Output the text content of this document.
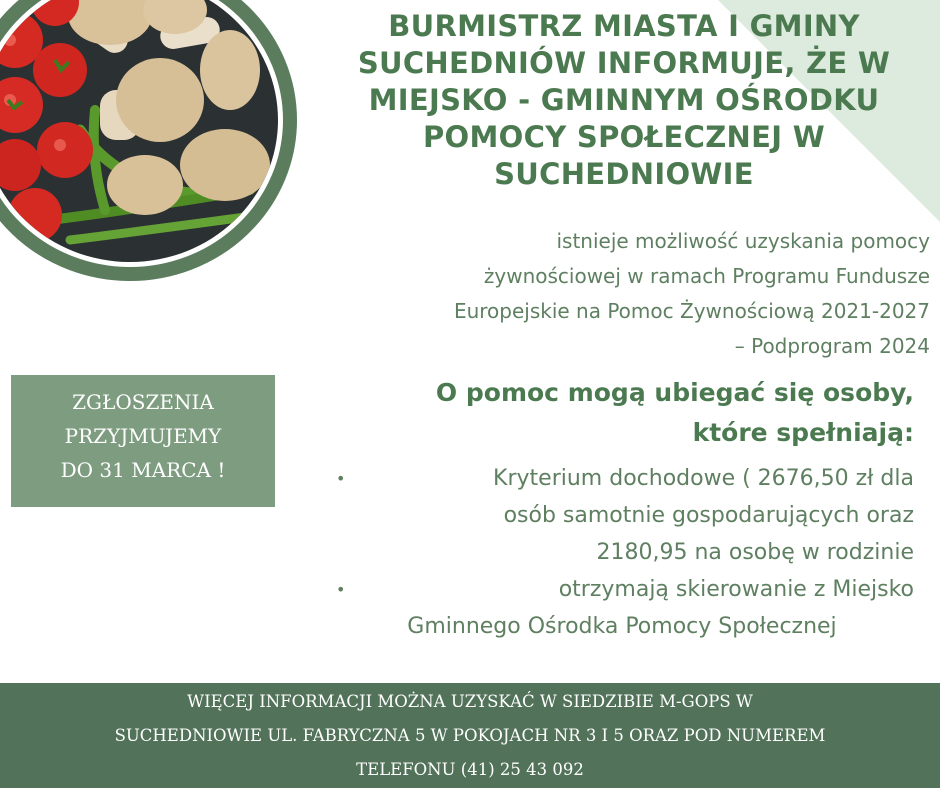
BURMISTRZ MIASTA I GMINY
SUCHEDNIÓW INFORMUJE, ŻE W
MIEJSKO - GMINNYM OŚRODKU
POMOCY SPOŁECZNEJ W
SUCHEDNIOWIE
istnieje możliwość uzyskania pomocy
żywnościowej w ramach Programu Fundusze
Europejskie na Pomoc Żywnościową 2021-2027
– Podprogram 2024
O pomoc mogą ubiegać się osoby,
które spełniają:
•	Kryterium dochodowe ( 2676,50 zł dla
osób samotnie gospodarujących oraz
2180,95 na osobę w rodzinie
•	otrzymają skierowanie z Miejsko
Gminnego Ośrodka Pomocy Społecznej
ZGŁOSZENIA
PRZYJMUJEMY
DO 31 MARCA !
WIĘCEJ INFORMACJI MOŻNA UZYSKAĆ W SIEDZIBIE M-GOPS W
SUCHEDNIOWIE UL. FABRYCZNA 5 W POKOJACH NR 3 I 5 ORAZ POD NUMEREM
TELEFONU (41) 25 43 092
